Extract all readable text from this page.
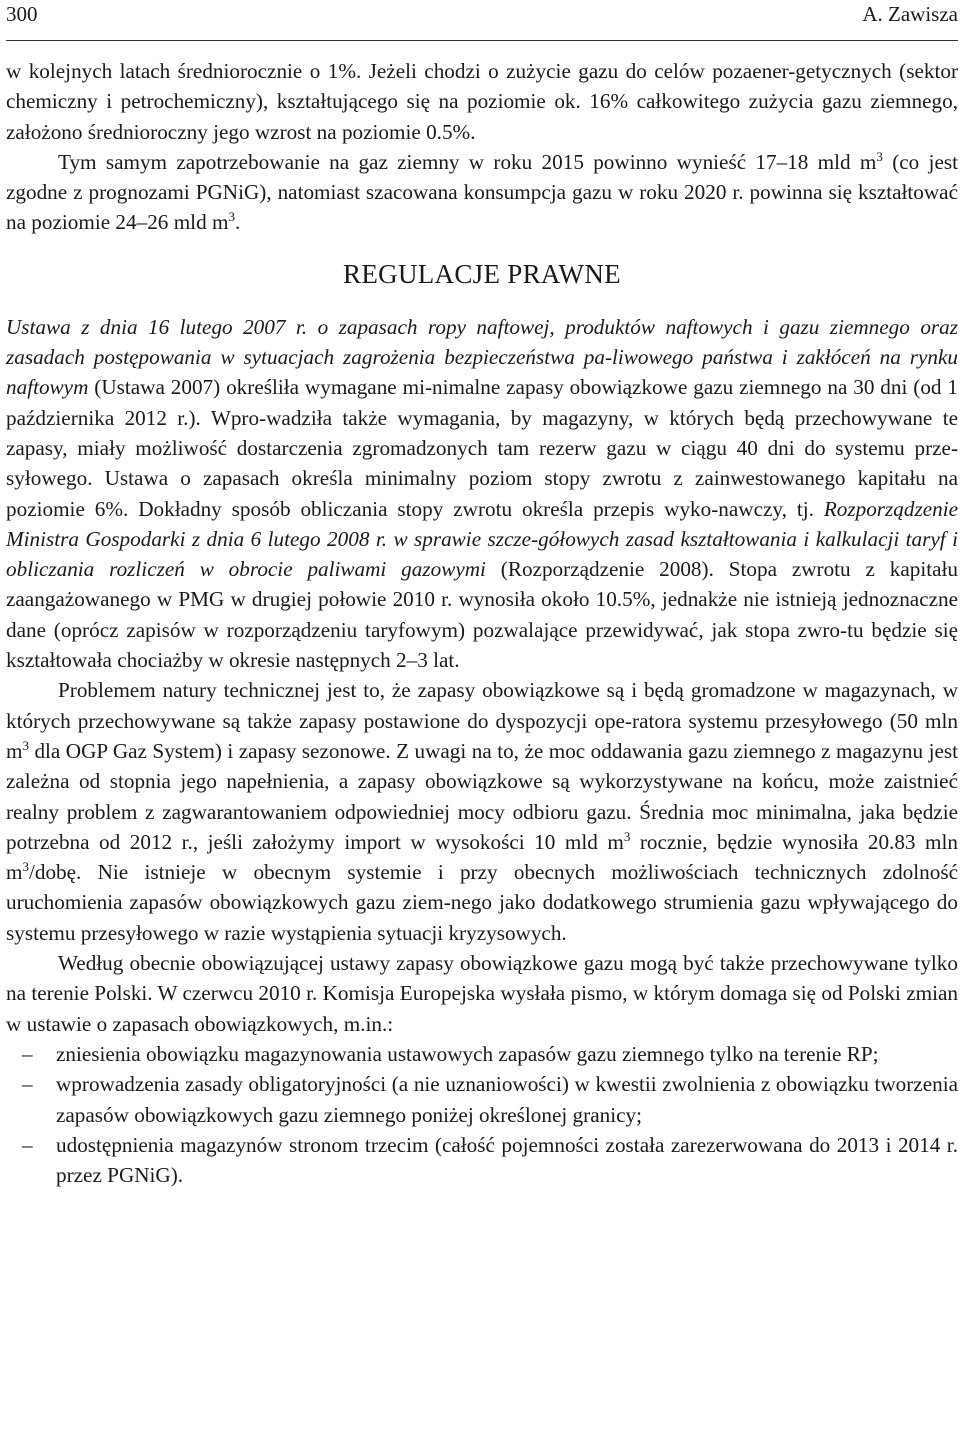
300	A. Zawisza

w kolejnych latach średniorocznie o 1%. Jeżeli chodzi o zużycie gazu do celów pozaener-getycznych (sektor chemiczny i petrochemiczny), kształtującego się na poziomie ok. 16% całkowitego zużycia gazu ziemnego, założono średnioroczny jego wzrost na poziomie 0.5%.

Tym samym zapotrzebowanie na gaz ziemny w roku 2015 powinno wynieść 17–18 mld $m^3$ (co jest zgodne z prognozami PGNiG), natomiast szacowana konsumpcja gazu w roku 2020 r. powinna się kształtować na poziomie 24–26 mld $m^3$.

REGULACJE PRAWNE

Ustawa z dnia 16 lutego 2007 r. o zapasach ropy naftowej, produktów naftowych i gazu ziemnego oraz zasadach postępowania w sytuacjach zagrożenia bezpieczeństwa pa-liwowego państwa i zakłóceń na rynku naftowym (Ustawa 2007) określiła wymagane mi-nimalne zapasy obowiązkowe gazu ziemnego na 30 dni (od 1 października 2012 r.). Wpro-wadziła także wymagania, by magazyny, w których będą przechowywane te zapasy, miały możliwość dostarczenia zgromadzonych tam rezerw gazu w ciągu 40 dni do systemu prze-syłowego. Ustawa o zapasach określa minimalny poziom stopy zwrotu z zainwestowanego kapitału na poziomie 6%. Dokładny sposób obliczania stopy zwrotu określa przepis wyko-nawczy, tj. Rozporządzenie Ministra Gospodarki z dnia 6 lutego 2008 r. w sprawie szcze-gółowych zasad kształtowania i kalkulacji taryf i obliczania rozliczeń w obrocie paliwami gazowymi (Rozporządzenie 2008). Stopa zwrotu z kapitału zaangażowanego w PMG w drugiej połowie 2010 r. wynosiła około 10.5%, jednakże nie istnieją jednoznaczne dane (oprócz zapisów w rozporządzeniu taryfowym) pozwalające przewidywać, jak stopa zwro-tu będzie się kształtowała chociażby w okresie następnych 2–3 lat.

Problemem natury technicznej jest to, że zapasy obowiązkowe są i będą gromadzone w magazynach, w których przechowywane są także zapasy postawione do dyspozycji ope-ratora systemu przesyłowego (50 mln $m^3$ dla OGP Gaz System) i zapasy sezonowe. Z uwagi na to, że moc oddawania gazu ziemnego z magazynu jest zależna od stopnia jego napełnienia, a zapasy obowiązkowe są wykorzystywane na końcu, może zaistnieć realny problem z zagwarantowaniem odpowiedniej mocy odbioru gazu. Średnia moc minimalna, jaka będzie potrzebna od 2012 r., jeśli założymy import w wysokości 10 mld $m^3$ rocznie, będzie wynosiła 20.83 mln $m^3$/dobę. Nie istnieje w obecnym systemie i przy obecnych możliwościach technicznych zdolność uruchomienia zapasów obowiązkowych gazu ziem-nego jako dodatkowego strumienia gazu wpływającego do systemu przesyłowego w razie wystąpienia sytuacji kryzysowych.

Według obecnie obowiązującej ustawy zapasy obowiązkowe gazu mogą być także przechowywane tylko na terenie Polski. W czerwcu 2010 r. Komisja Europejska wysłała pismo, w którym domaga się od Polski zmian w ustawie o zapasach obowiązkowych, m.in.:

– zniesienia obowiązku magazynowania ustawowych zapasów gazu ziemnego tylko na terenie RP;
– wprowadzenia zasady obligatoryjności (a nie uznaniowości) w kwestii zwolnienia z obowiązku tworzenia zapasów obowiązkowych gazu ziemnego poniżej określonej granicy;
– udostępnienia magazynów stronom trzecim (całość pojemności została zarezerwowana do 2013 i 2014 r. przez PGNiG).
